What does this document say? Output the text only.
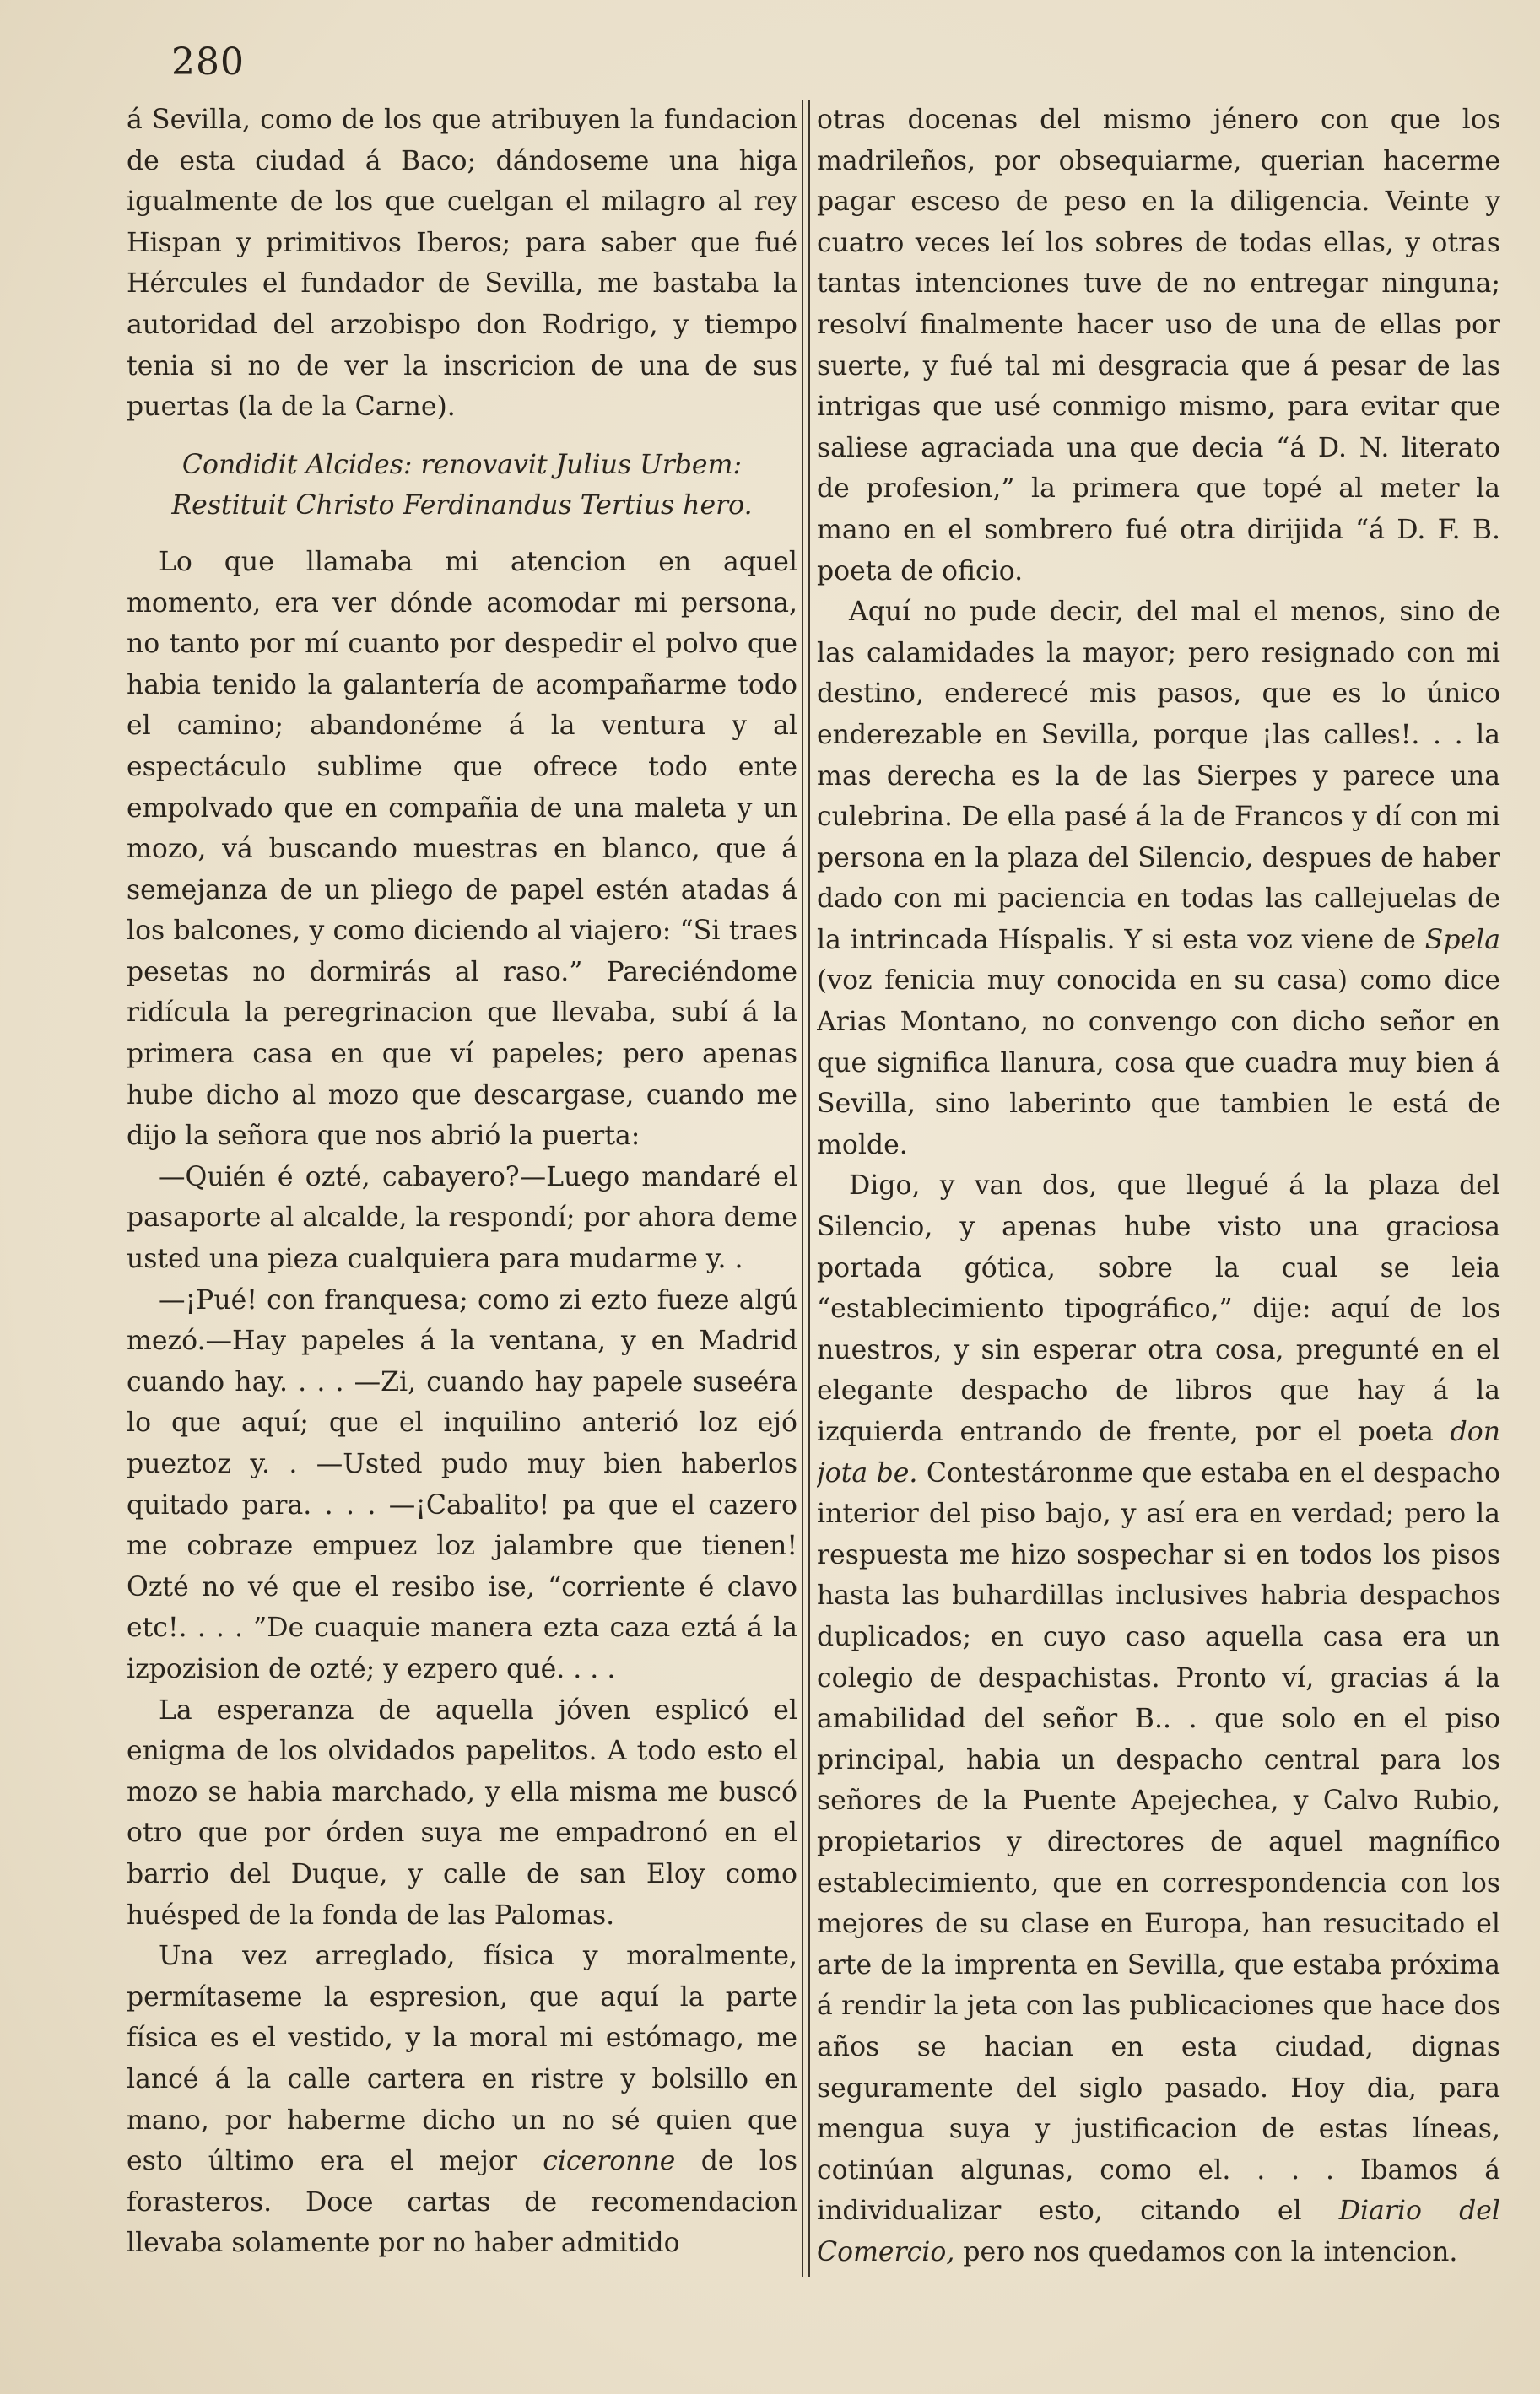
280

á Sevilla, como de los que atribuyen la fundacion de esta ciudad á Baco; dándoseme una higa igualmente de los que cuelgan el milagro al rey Hispan y primitivos Iberos; para saber que fué Hércules el fundador de Sevilla, me bastaba la autoridad del arzobispo don Rodrigo, y tiempo tenia si no de ver la inscricion de una de sus puertas (la de la Carne).

Condidit Alcides: renovavit Julius Urbem:
Restituit Christo Ferdinandus Tertius hero.

Lo que llamaba mi atencion en aquel momento, era ver dónde acomodar mi persona, no tanto por mí cuanto por despedir el polvo que habia tenido la galantería de acompañarme todo el camino; abandonéme á la ventura y al espectáculo sublime que ofrece todo ente empolvado que en compañia de una maleta y un mozo, vá buscando muestras en blanco, que á semejanza de un pliego de papel estén atadas á los balcones, y como diciendo al viajero: “Si traes pesetas no dormirás al raso.” Pareciéndome ridícula la peregrinacion que llevaba, subí á la primera casa en que ví papeles; pero apenas hube dicho al mozo que descargase, cuando me dijo la señora que nos abrió la puerta:

—Quién é ozté, cabayero?—Luego mandaré el pasaporte al alcalde, la respondí; por ahora deme usted una pieza cualquiera para mudarme y. .

—¡Pué! con franquesa; como zi ezto fueze algú mezó.—Hay papeles á la ventana, y en Madrid cuando hay. . . . —Zi, cuando hay papele suseéra lo que aquí; que el inquilino anterió loz ejó pueztoz y. . —Usted pudo muy bien haberlos quitado para. . . . —¡Cabalito! pa que el cazero me cobraze empuez loz jalambre que tienen! Ozté no vé que el resibo ise, “corriente é clavo etc!. . . . ”De cuaquie manera ezta caza eztá á la izpozision de ozté; y ezpero qué. . . .

La esperanza de aquella jóven esplicó el enigma de los olvidados papelitos. A todo esto el mozo se habia marchado, y ella misma me buscó otro que por órden suya me empadronó en el barrio del Duque, y calle de san Eloy como huésped de la fonda de las Palomas.

Una vez arreglado, física y moralmente, permítaseme la espresion, que aquí la parte física es el vestido, y la moral mi estómago, me lancé á la calle cartera en ristre y bolsillo en mano, por haberme dicho un no sé quien que esto último era el mejor ciceronne de los forasteros. Doce cartas de recomendacion llevaba solamente por no haber admitido

otras docenas del mismo jénero con que los madrileños, por obsequiarme, querian hacerme pagar esceso de peso en la diligencia. Veinte y cuatro veces leí los sobres de todas ellas, y otras tantas intenciones tuve de no entregar ninguna; resolví finalmente hacer uso de una de ellas por suerte, y fué tal mi desgracia que á pesar de las intrigas que usé conmigo mismo, para evitar que saliese agraciada una que decia “á D. N. literato de profesion,” la primera que topé al meter la mano en el sombrero fué otra dirijida “á D. F. B. poeta de oficio.

Aquí no pude decir, del mal el menos, sino de las calamidades la mayor; pero resignado con mi destino, enderecé mis pasos, que es lo único enderezable en Sevilla, porque ¡las calles!. . . la mas derecha es la de las Sierpes y parece una culebrina. De ella pasé á la de Francos y dí con mi persona en la plaza del Silencio, despues de haber dado con mi paciencia en todas las callejuelas de la intrincada Híspalis. Y si esta voz viene de Spela (voz fenicia muy conocida en su casa) como dice Arias Montano, no convengo con dicho señor en que significa llanura, cosa que cuadra muy bien á Sevilla, sino laberinto que tambien le está de molde.

Digo, y van dos, que llegué á la plaza del Silencio, y apenas hube visto una graciosa portada gótica, sobre la cual se leia “establecimiento tipográfico,” dije: aquí de los nuestros, y sin esperar otra cosa, pregunté en el elegante despacho de libros que hay á la izquierda entrando de frente, por el poeta don jota be. Contestáronme que estaba en el despacho interior del piso bajo, y así era en verdad; pero la respuesta me hizo sospechar si en todos los pisos hasta las buhardillas inclusives habria despachos duplicados; en cuyo caso aquella casa era un colegio de despachistas. Pronto ví, gracias á la amabilidad del señor B.. . que solo en el piso principal, habia un despacho central para los señores de la Puente Apejechea, y Calvo Rubio, propietarios y directores de aquel magnífico establecimiento, que en correspondencia con los mejores de su clase en Europa, han resucitado el arte de la imprenta en Sevilla, que estaba próxima á rendir la jeta con las publicaciones que hace dos años se hacian en esta ciudad, dignas seguramente del siglo pasado. Hoy dia, para mengua suya y justificacion de estas líneas, cotinúan algunas, como el. . . . Ibamos á individualizar esto, citando el Diario del Comercio, pero nos quedamos con la intencion.
